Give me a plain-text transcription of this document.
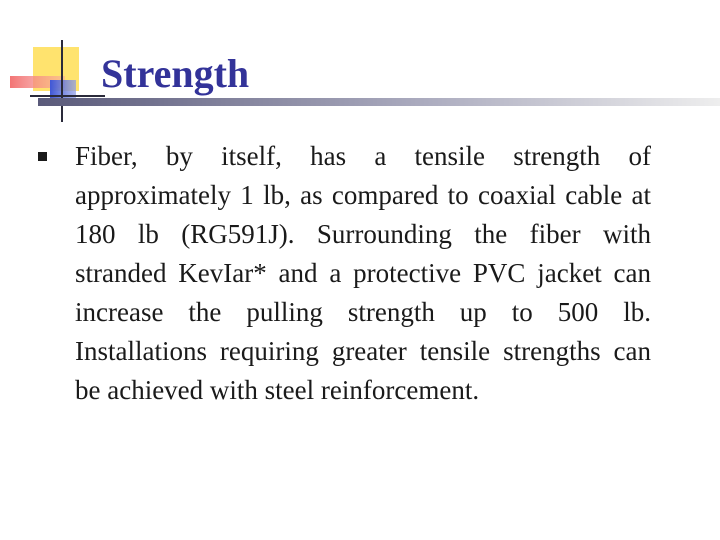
Strength

Fiber, by itself, has a tensile strength of approximately 1 lb, as compared to coaxial cable at 180 lb (RG591J). Surrounding the fiber with stranded KevIar* and a protective PVC jacket can increase the pulling strength up to 500 lb. Installations requiring greater tensile strengths can be achieved with steel reinforcement.
